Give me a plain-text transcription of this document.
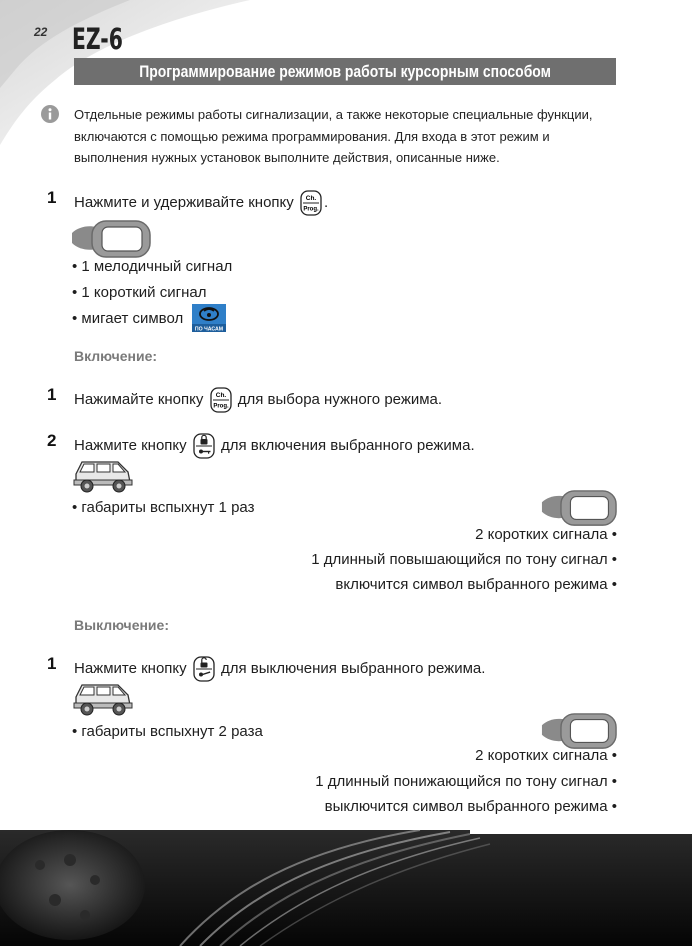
22 EZ-6
Программирование режимов работы курсорным способом
Отдельные режимы работы сигнализации, а также некоторые специальные функции, включаются с помощью режима программирования. Для входа в этот режим и выполнения нужных установок выполните действия, описанные ниже.
1 Нажмите и удерживайте кнопку Ch.
Prog. .
• 1 мелодичный сигнал
• 1 короткий сигнал
• мигает символ
ПО ЧАСАМ
Включение:
1 Нажимайте кнопку Ch.
Prog. для выбора нужного режима.
2 Нажмите кнопку для включения выбранного режима.
• габариты вспыхнут 1 раз
2 коротких сигнала •
1 длинный повышающийся по тону сигнал •
включится символ выбранного режима •
Выключение:
1 Нажмите кнопку для выключения выбранного режима.
• габариты вспыхнут 2 раза
2 коротких сигнала •
1 длинный понижающийся по тону сигнал •
выключится символ выбранного режима •
